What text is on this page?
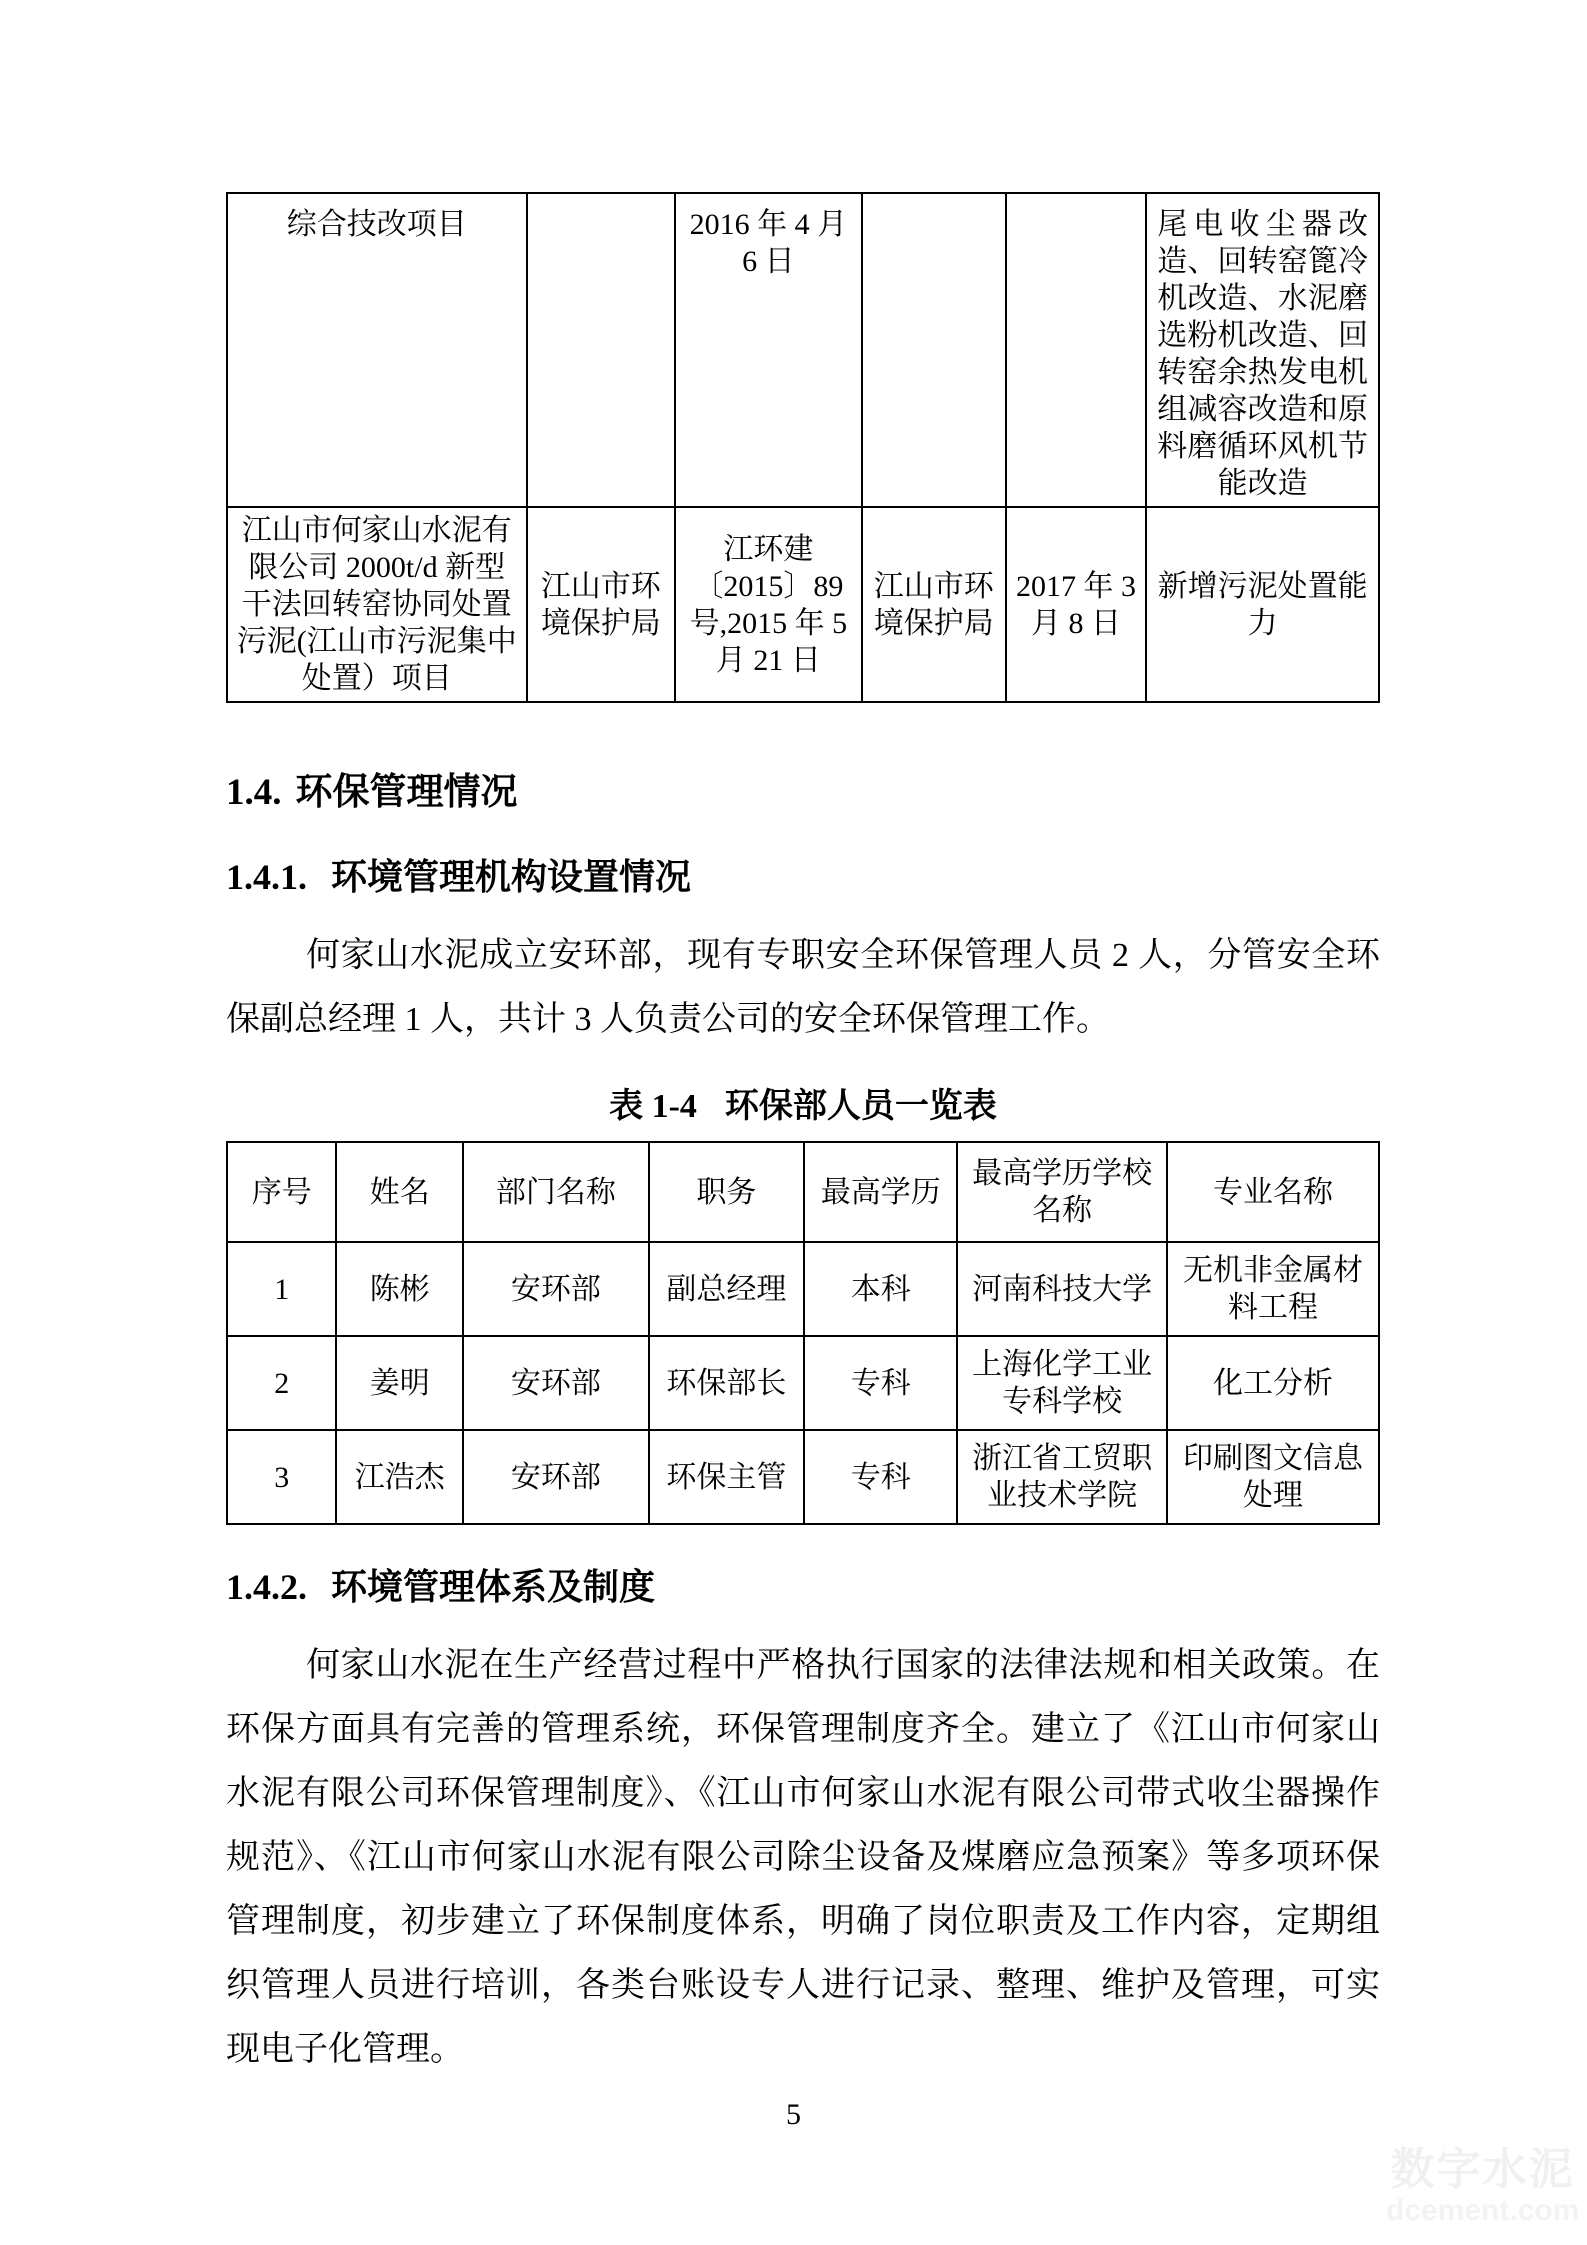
综合技改项目		2016 年 4 月 6 日			尾电收尘器改造、回转窑篦冷机改造、水泥磨选粉机改造、回转窑余热发电机组减容改造和原料磨循环风机节能改造
江山市何家山水泥有限公司 2000t/d 新型干法回转窑协同处置污泥(江山市污泥集中处置）项目	江山市环境保护局	江环建〔2015〕89 号,2015 年 5 月 21 日	江山市环境保护局	2017 年 3 月 8 日	新增污泥处置能力
1.4. 环保管理情况
1.4.1. 环境管理机构设置情况

何家山水泥成立安环部，现有专职安全环保管理人员 2 人，分管安全环保副总经理 1 人，共计 3 人负责公司的安全环保管理工作。

表 1-4 环保部人员一览表
序号	姓名	部门名称	职务	最高学历	最高学历学校名称	专业名称
1	陈彬	安环部	副总经理	本科	河南科技大学	无机非金属材料工程
2	姜明	安环部	环保部长	专科	上海化学工业专科学校	化工分析
3	江浩杰	安环部	环保主管	专科	浙江省工贸职业技术学院	印刷图文信息处理
1.4.2. 环境管理体系及制度

何家山水泥在生产经营过程中严格执行国家的法律法规和相关政策。在环保方面具有完善的管理系统，环保管理制度齐全。建立了《江山市何家山水泥有限公司环保管理制度》、《江山市何家山水泥有限公司带式收尘器操作规范》、《江山市何家山水泥有限公司除尘设备及煤磨应急预案》等多项环保管理制度，初步建立了环保制度体系，明确了岗位职责及工作内容，定期组织管理人员进行培训，各类台账设专人进行记录、整理、维护及管理，可实现电子化管理。

5
数字水泥
dcement.com
